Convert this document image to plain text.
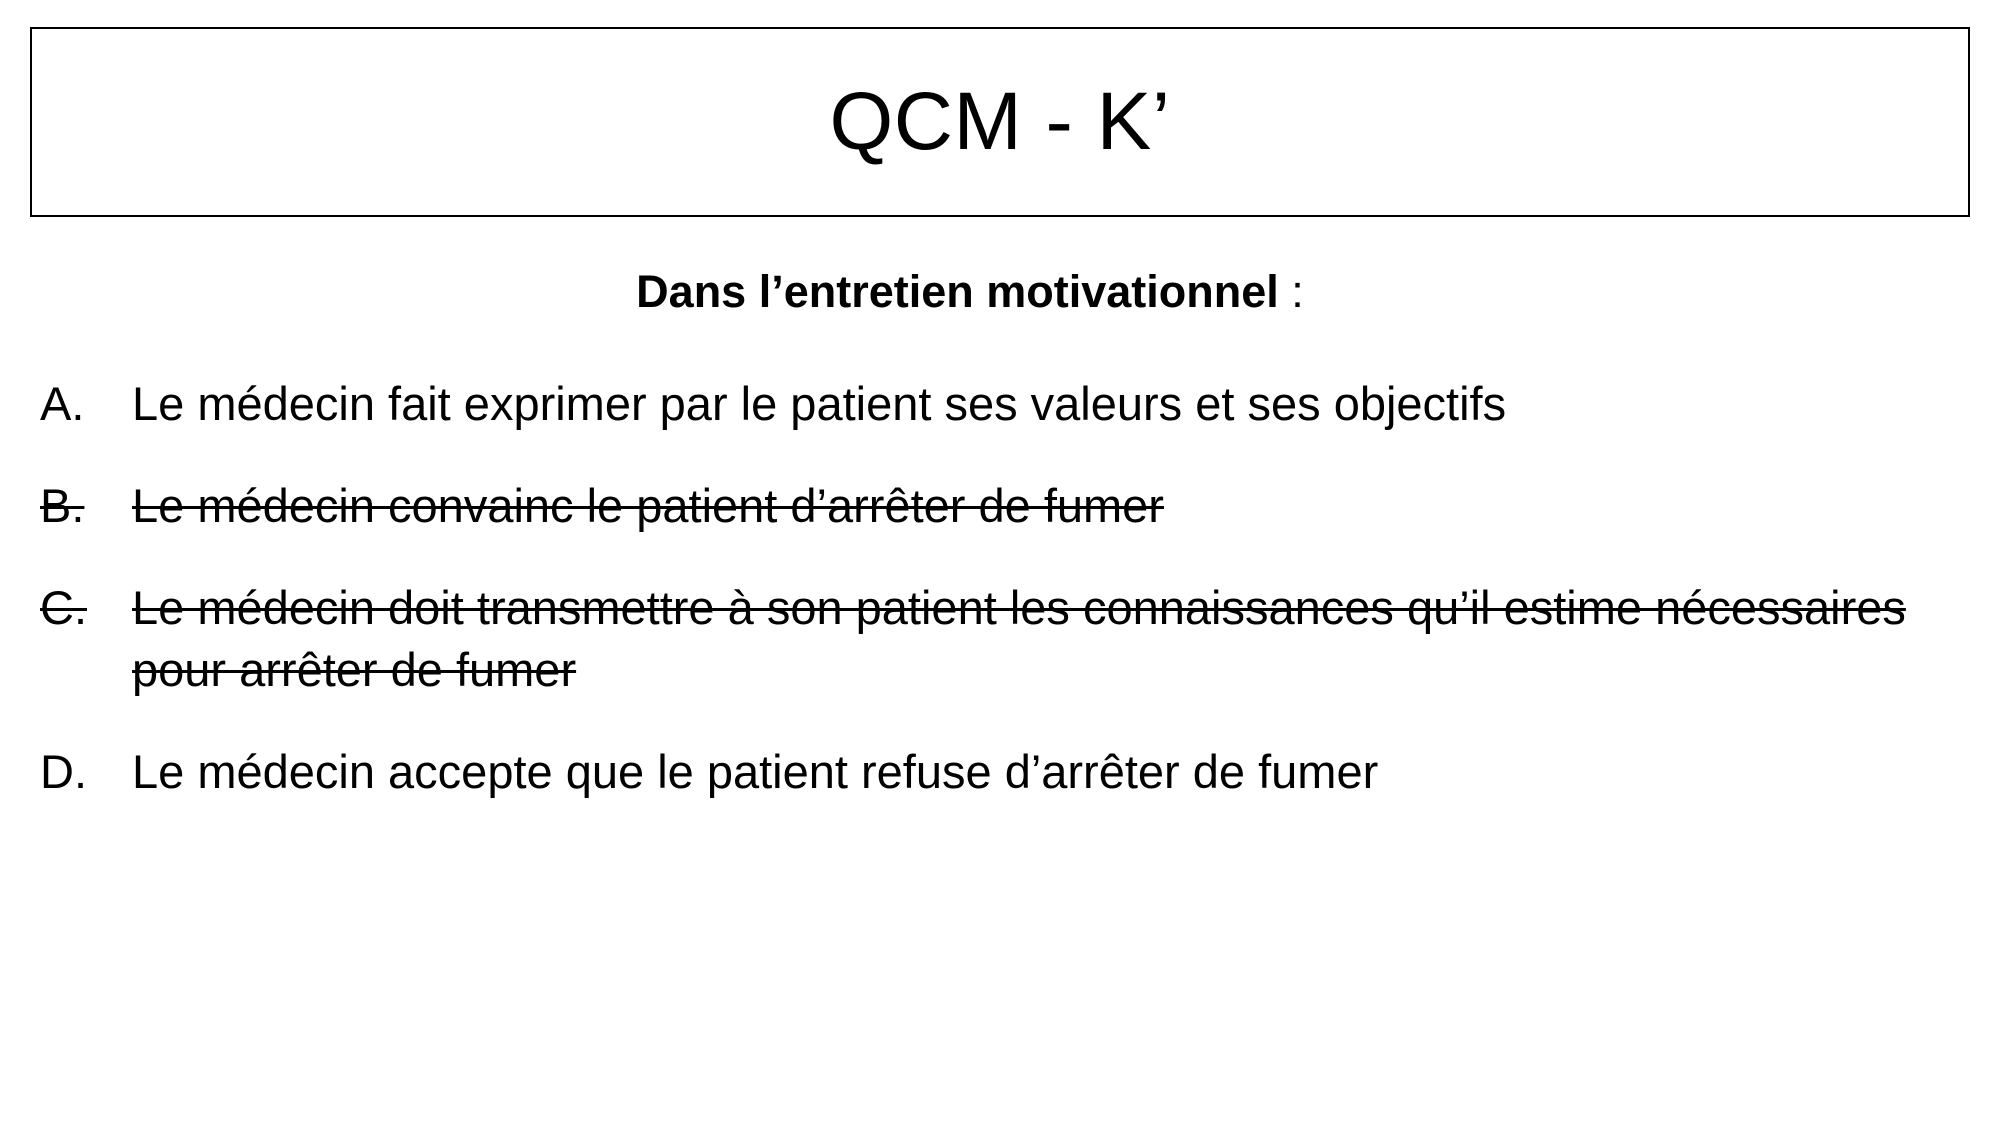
QCM - K’
Dans l’entretien motivationnel :
A.	Le médecin fait exprimer par le patient ses valeurs et ses objectifs
B.	Le médecin convainc le patient d’arrêter de fumer
C. Le médecin doit transmettre à son patient les connaissances qu’il estime nécessaires pour arrêter de fumer
D. Le médecin accepte que le patient refuse d’arrêter de fumer
